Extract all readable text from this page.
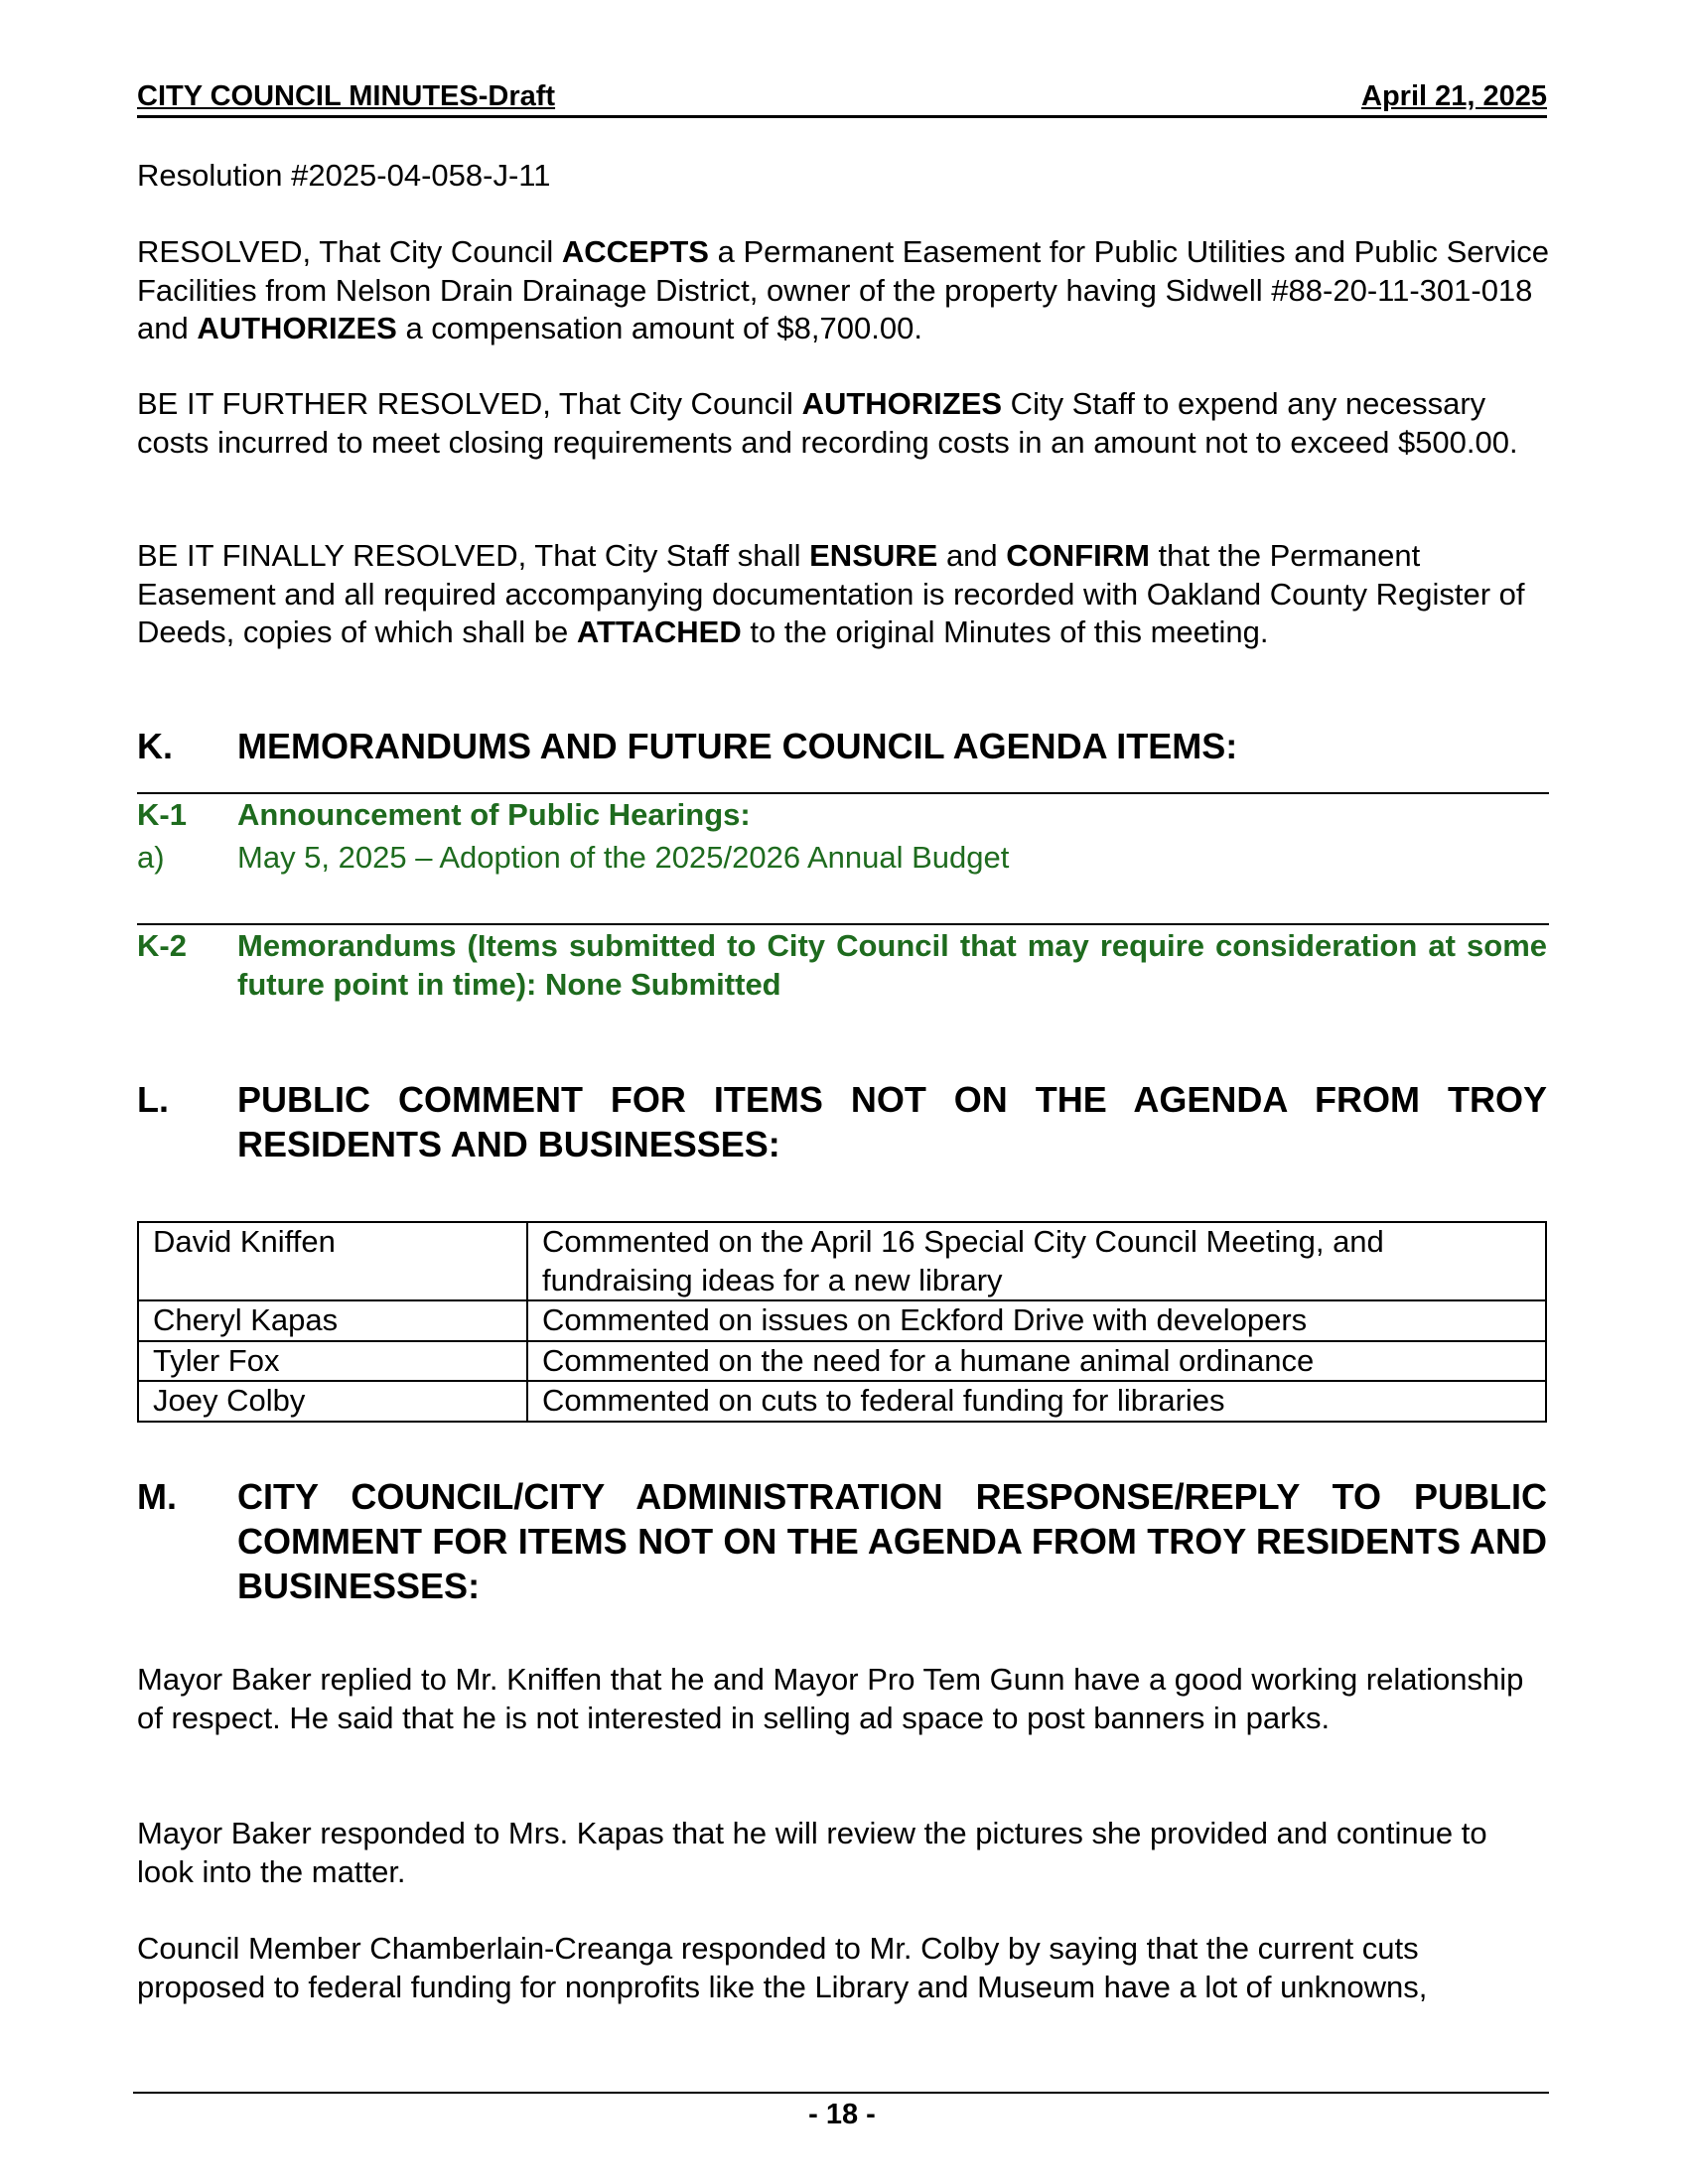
CITY COUNCIL MINUTES-Draft	April 21, 2025

Resolution #2025-04-058-J-11

RESOLVED, That City Council ACCEPTS a Permanent Easement for Public Utilities and Public Service Facilities from Nelson Drain Drainage District, owner of the property having Sidwell #88-20-11-301-018 and AUTHORIZES a compensation amount of $8,700.00.

BE IT FURTHER RESOLVED, That City Council AUTHORIZES City Staff to expend any necessary costs incurred to meet closing requirements and recording costs in an amount not to exceed $500.00.

BE IT FINALLY RESOLVED, That City Staff shall ENSURE and CONFIRM that the Permanent Easement and all required accompanying documentation is recorded with Oakland County Register of Deeds, copies of which shall be ATTACHED to the original Minutes of this meeting.

K. MEMORANDUMS AND FUTURE COUNCIL AGENDA ITEMS:
K-1 Announcement of Public Hearings:
a) May 5, 2025 – Adoption of the 2025/2026 Annual Budget
K-2 Memorandums (Items submitted to City Council that may require consideration at some future point in time): None Submitted
L. PUBLIC COMMENT FOR ITEMS NOT ON THE AGENDA FROM TROY RESIDENTS AND BUSINESSES:
David Kniffen	Commented on the April 16 Special City Council Meeting, and fundraising ideas for a new library
Cheryl Kapas	Commented on issues on Eckford Drive with developers
Tyler Fox	Commented on the need for a humane animal ordinance
Joey Colby	Commented on cuts to federal funding for libraries
M. CITY COUNCIL/CITY ADMINISTRATION RESPONSE/REPLY TO PUBLIC COMMENT FOR ITEMS NOT ON THE AGENDA FROM TROY RESIDENTS AND BUSINESSES:

Mayor Baker replied to Mr. Kniffen that he and Mayor Pro Tem Gunn have a good working relationship of respect. He said that he is not interested in selling ad space to post banners in parks.

Mayor Baker responded to Mrs. Kapas that he will review the pictures she provided and continue to look into the matter.

Council Member Chamberlain-Creanga responded to Mr. Colby by saying that the current cuts proposed to federal funding for nonprofits like the Library and Museum have a lot of unknowns,

- 18 -
